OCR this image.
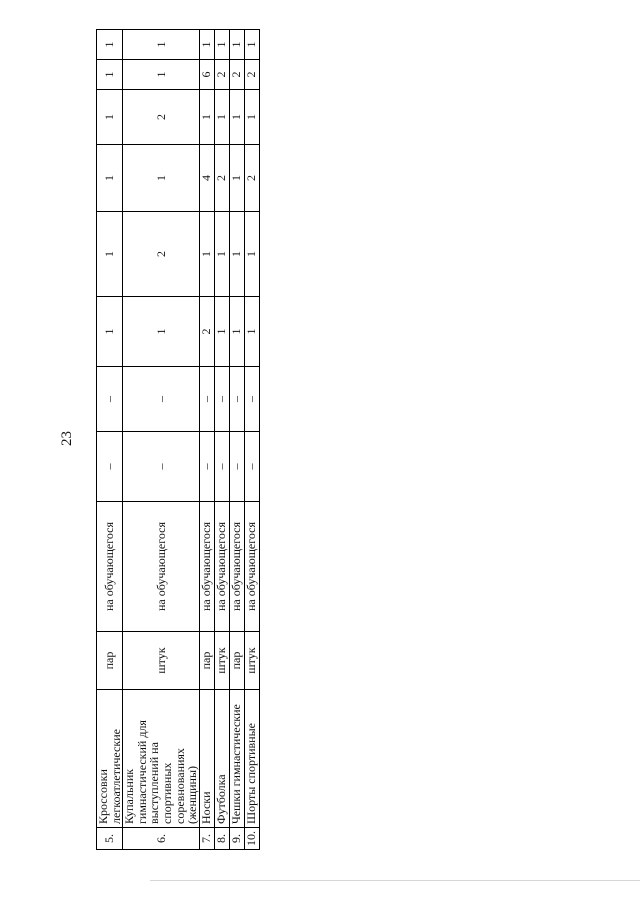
23
5.	Кроссовки легкоатлетические	пар	на обучающегося	–	–	1	1	1	1	1	1
6.	Купальник гимнастический для выступлений на спортивных соревнованиях (женщины)	штук	на обучающегося	–	–	1	2	1	2	1	1
7.	Носки	пар	на обучающегося	–	–	2	1	4	1	6	1
8.	Футболка	штук	на обучающегося	–	–	1	1	2	1	2	1
9.	Чешки гимнастические	пар	на обучающегося	–	–	1	1	1	1	2	1
10.	Шорты спортивные	штук	на обучающегося	–	–	1	1	2	1	2	1
